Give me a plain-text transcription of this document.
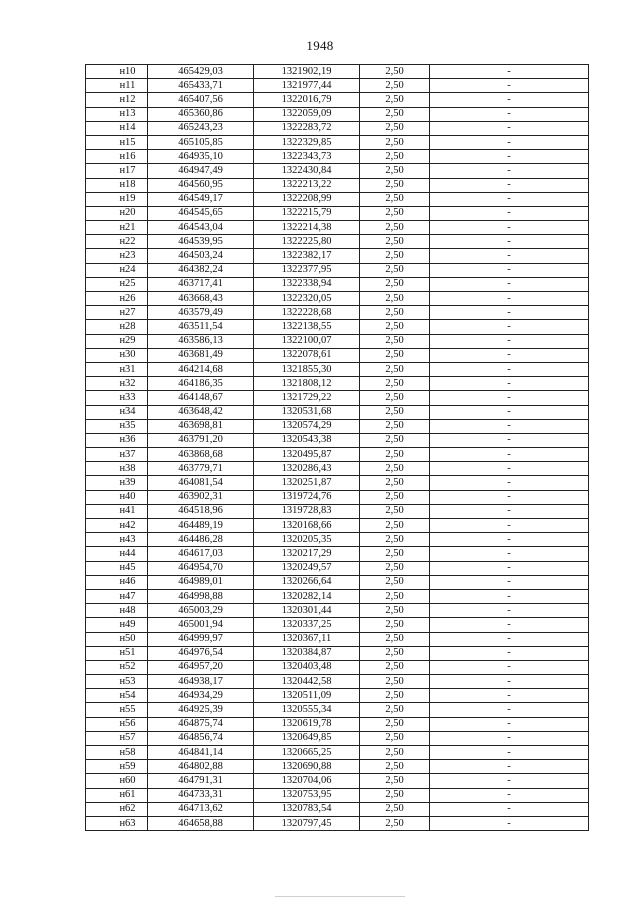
1948
н10	465429,03	1321902,19	2,50	-
н11	465433,71	1321977,44	2,50	-
н12	465407,56	1322016,79	2,50	-
н13	465360,86	1322059,09	2,50	-
н14	465243,23	1322283,72	2,50	-
н15	465105,85	1322329,85	2,50	-
н16	464935,10	1322343,73	2,50	-
н17	464947,49	1322430,84	2,50	-
н18	464560,95	1322213,22	2,50	-
н19	464549,17	1322208,99	2,50	-
н20	464545,65	1322215,79	2,50	-
н21	464543,04	1322214,38	2,50	-
н22	464539,95	1322225,80	2,50	-
н23	464503,24	1322382,17	2,50	-
н24	464382,24	1322377,95	2,50	-
н25	463717,41	1322338,94	2,50	-
н26	463668,43	1322320,05	2,50	-
н27	463579,49	1322228,68	2,50	-
н28	463511,54	1322138,55	2,50	-
н29	463586,13	1322100,07	2,50	-
н30	463681,49	1322078,61	2,50	-
н31	464214,68	1321855,30	2,50	-
н32	464186,35	1321808,12	2,50	-
н33	464148,67	1321729,22	2,50	-
н34	463648,42	1320531,68	2,50	-
н35	463698,81	1320574,29	2,50	-
н36	463791,20	1320543,38	2,50	-
н37	463868,68	1320495,87	2,50	-
н38	463779,71	1320286,43	2,50	-
н39	464081,54	1320251,87	2,50	-
н40	463902,31	1319724,76	2,50	-
н41	464518,96	1319728,83	2,50	-
н42	464489,19	1320168,66	2,50	-
н43	464486,28	1320205,35	2,50	-
н44	464617,03	1320217,29	2,50	-
н45	464954,70	1320249,57	2,50	-
н46	464989,01	1320266,64	2,50	-
н47	464998,88	1320282,14	2,50	-
н48	465003,29	1320301,44	2,50	-
н49	465001,94	1320337,25	2,50	-
н50	464999,97	1320367,11	2,50	-
н51	464976,54	1320384,87	2,50	-
н52	464957,20	1320403,48	2,50	-
н53	464938,17	1320442,58	2,50	-
н54	464934,29	1320511,09	2,50	-
н55	464925,39	1320555,34	2,50	-
н56	464875,74	1320619,78	2,50	-
н57	464856,74	1320649,85	2,50	-
н58	464841,14	1320665,25	2,50	-
н59	464802,88	1320690,88	2,50	-
н60	464791,31	1320704,06	2,50	-
н61	464733,31	1320753,95	2,50	-
н62	464713,62	1320783,54	2,50	-
н63	464658,88	1320797,45	2,50	-
